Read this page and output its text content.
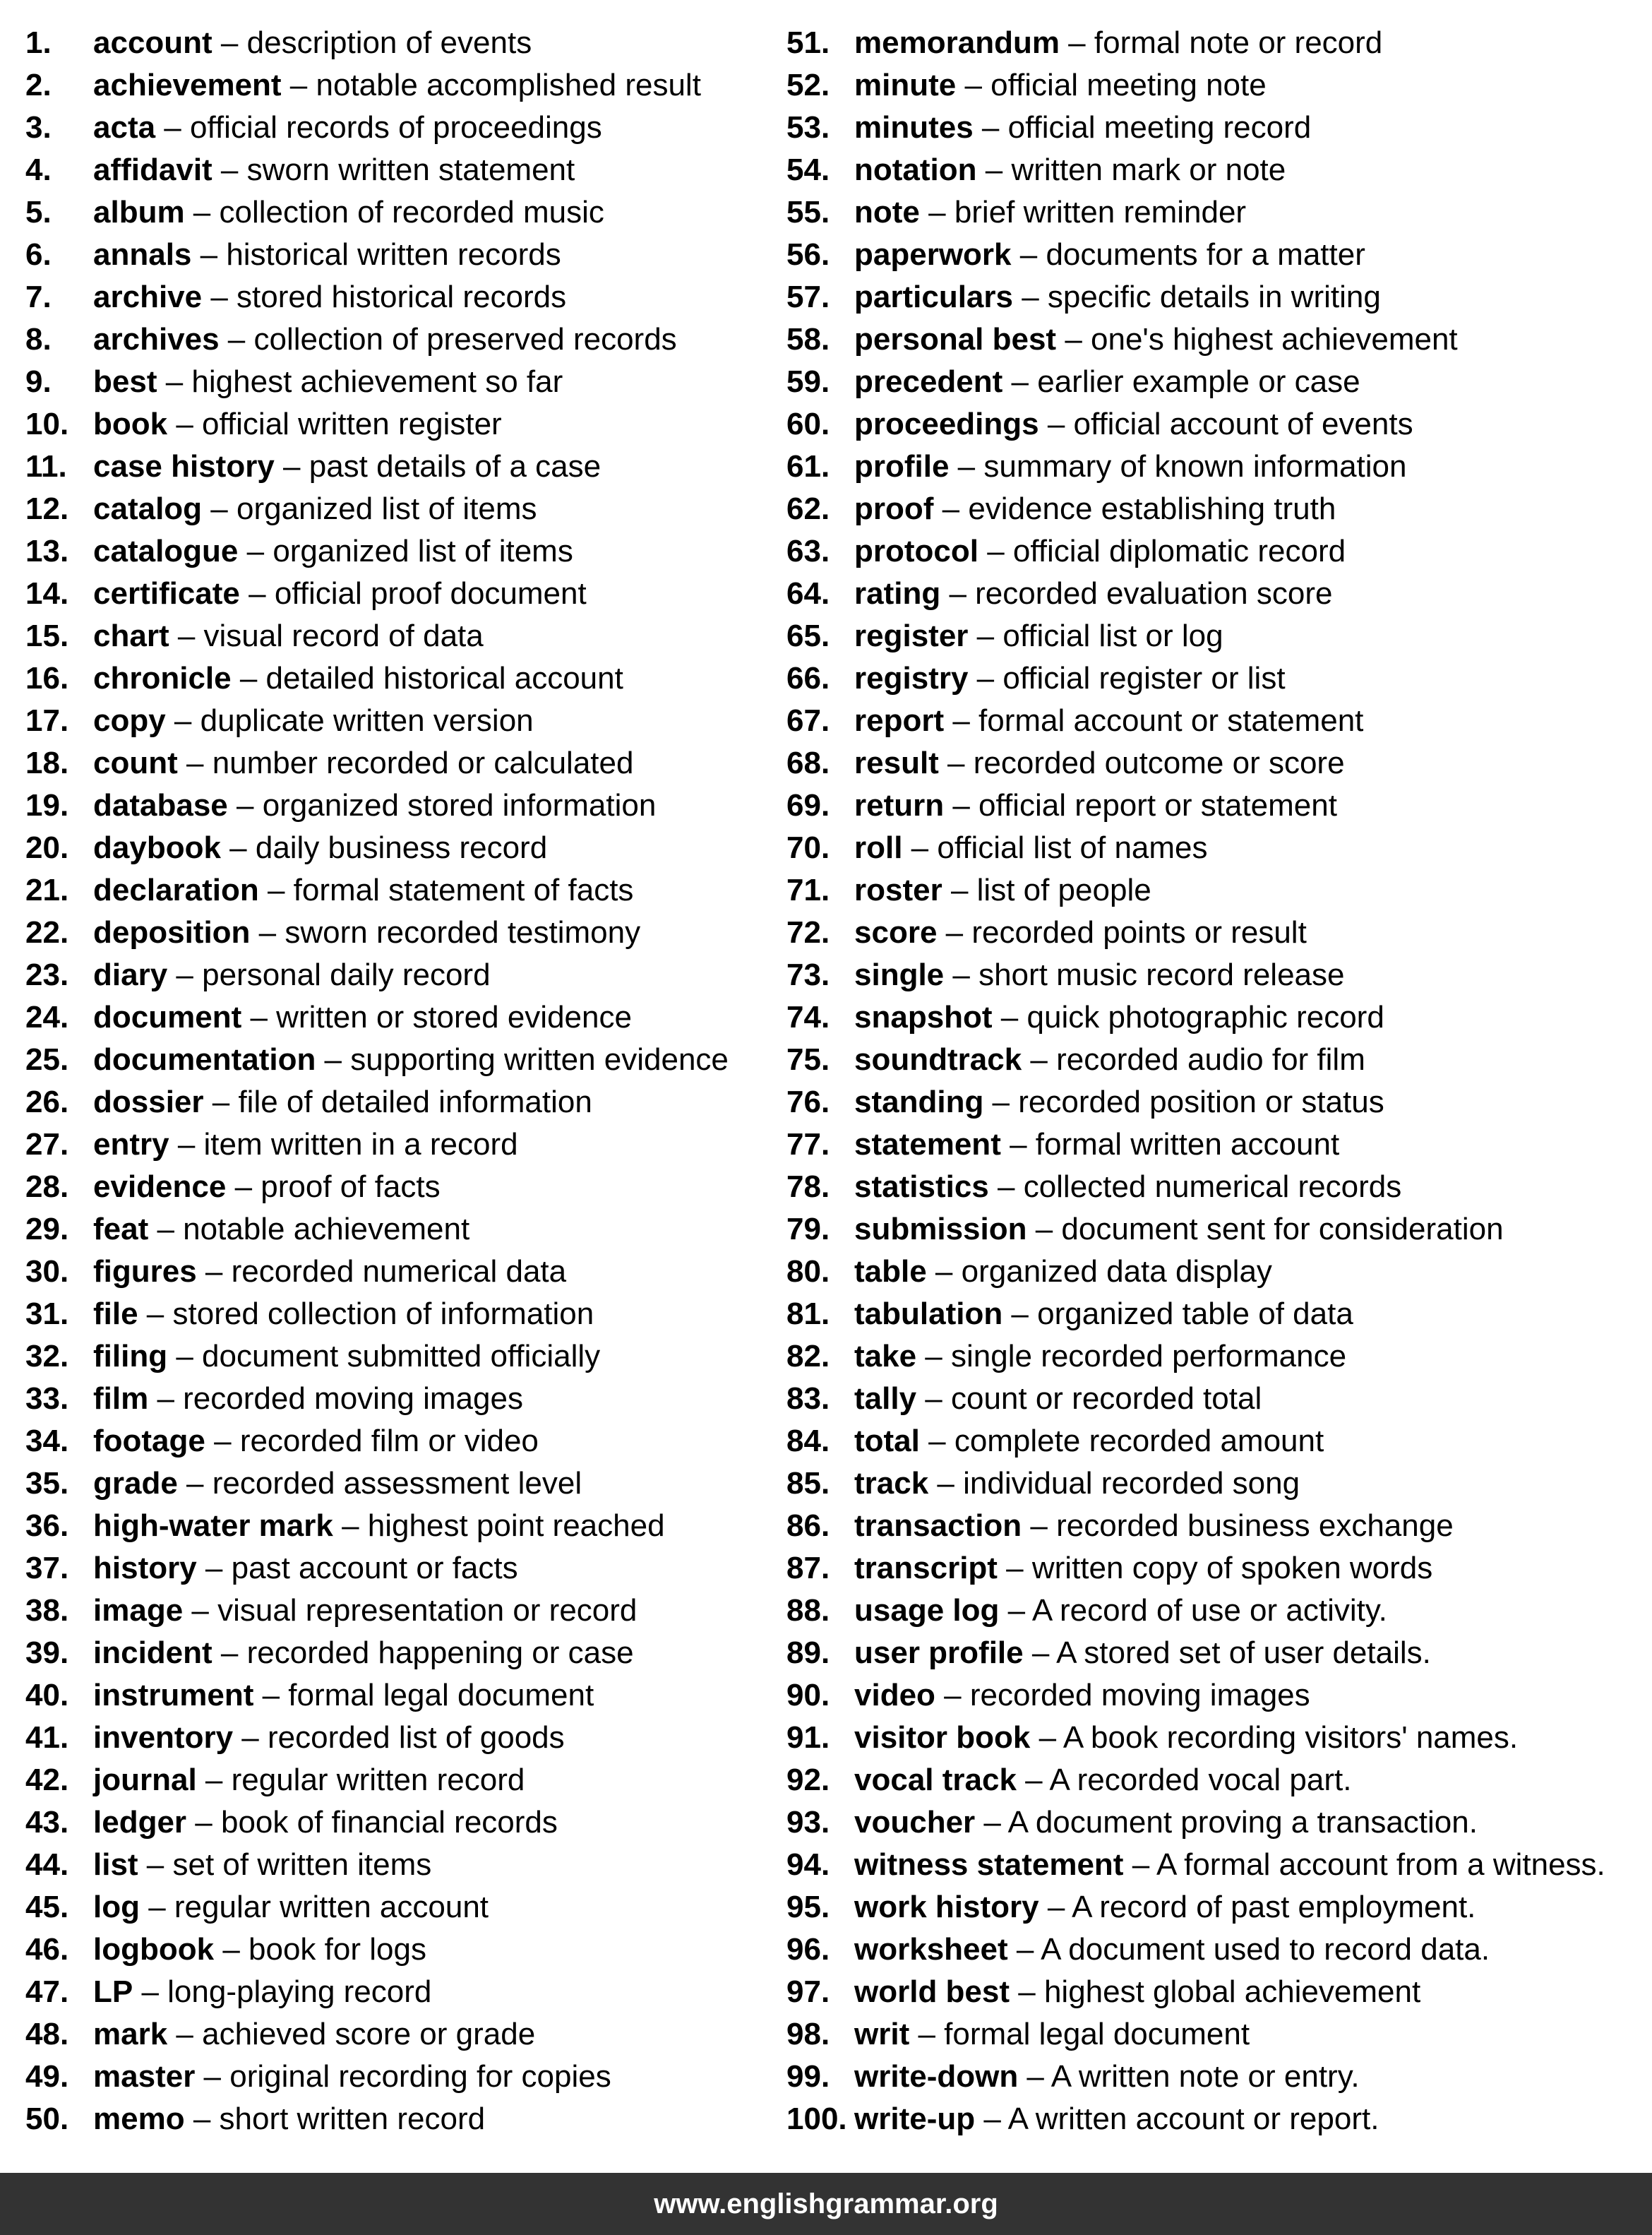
1. account – description of events
2. achievement – notable accomplished result
3. acta – official records of proceedings
4. affidavit – sworn written statement
5. album – collection of recorded music
6. annals – historical written records
7. archive – stored historical records
8. archives – collection of preserved records
9. best – highest achievement so far
10. book – official written register
11. case history – past details of a case
12. catalog – organized list of items
13. catalogue – organized list of items
14. certificate – official proof document
15. chart – visual record of data
16. chronicle – detailed historical account
17. copy – duplicate written version
18. count – number recorded or calculated
19. database – organized stored information
20. daybook – daily business record
21. declaration – formal statement of facts
22. deposition – sworn recorded testimony
23. diary – personal daily record
24. document – written or stored evidence
25. documentation – supporting written evidence
26. dossier – file of detailed information
27. entry – item written in a record
28. evidence – proof of facts
29. feat – notable achievement
30. figures – recorded numerical data
31. file – stored collection of information
32. filing – document submitted officially
33. film – recorded moving images
34. footage – recorded film or video
35. grade – recorded assessment level
36. high-water mark – highest point reached
37. history – past account or facts
38. image – visual representation or record
39. incident – recorded happening or case
40. instrument – formal legal document
41. inventory – recorded list of goods
42. journal – regular written record
43. ledger – book of financial records
44. list – set of written items
45. log – regular written account
46. logbook – book for logs
47. LP – long-playing record
48. mark – achieved score or grade
49. master – original recording for copies
50. memo – short written record
51. memorandum – formal note or record
52. minute – official meeting note
53. minutes – official meeting record
54. notation – written mark or note
55. note – brief written reminder
56. paperwork – documents for a matter
57. particulars – specific details in writing
58. personal best – one's highest achievement
59. precedent – earlier example or case
60. proceedings – official account of events
61. profile – summary of known information
62. proof – evidence establishing truth
63. protocol – official diplomatic record
64. rating – recorded evaluation score
65. register – official list or log
66. registry – official register or list
67. report – formal account or statement
68. result – recorded outcome or score
69. return – official report or statement
70. roll – official list of names
71. roster – list of people
72. score – recorded points or result
73. single – short music record release
74. snapshot – quick photographic record
75. soundtrack – recorded audio for film
76. standing – recorded position or status
77. statement – formal written account
78. statistics – collected numerical records
79. submission – document sent for consideration
80. table – organized data display
81. tabulation – organized table of data
82. take – single recorded performance
83. tally – count or recorded total
84. total – complete recorded amount
85. track – individual recorded song
86. transaction – recorded business exchange
87. transcript – written copy of spoken words
88. usage log – A record of use or activity.
89. user profile – A stored set of user details.
90. video – recorded moving images
91. visitor book – A book recording visitors' names.
92. vocal track – A recorded vocal part.
93. voucher – A document proving a transaction.
94. witness statement – A formal account from a witness.
95. work history – A record of past employment.
96. worksheet – A document used to record data.
97. world best – highest global achievement
98. writ – formal legal document
99. write-down – A written note or entry.
100. write-up – A written account or report.
www.englishgrammar.org
